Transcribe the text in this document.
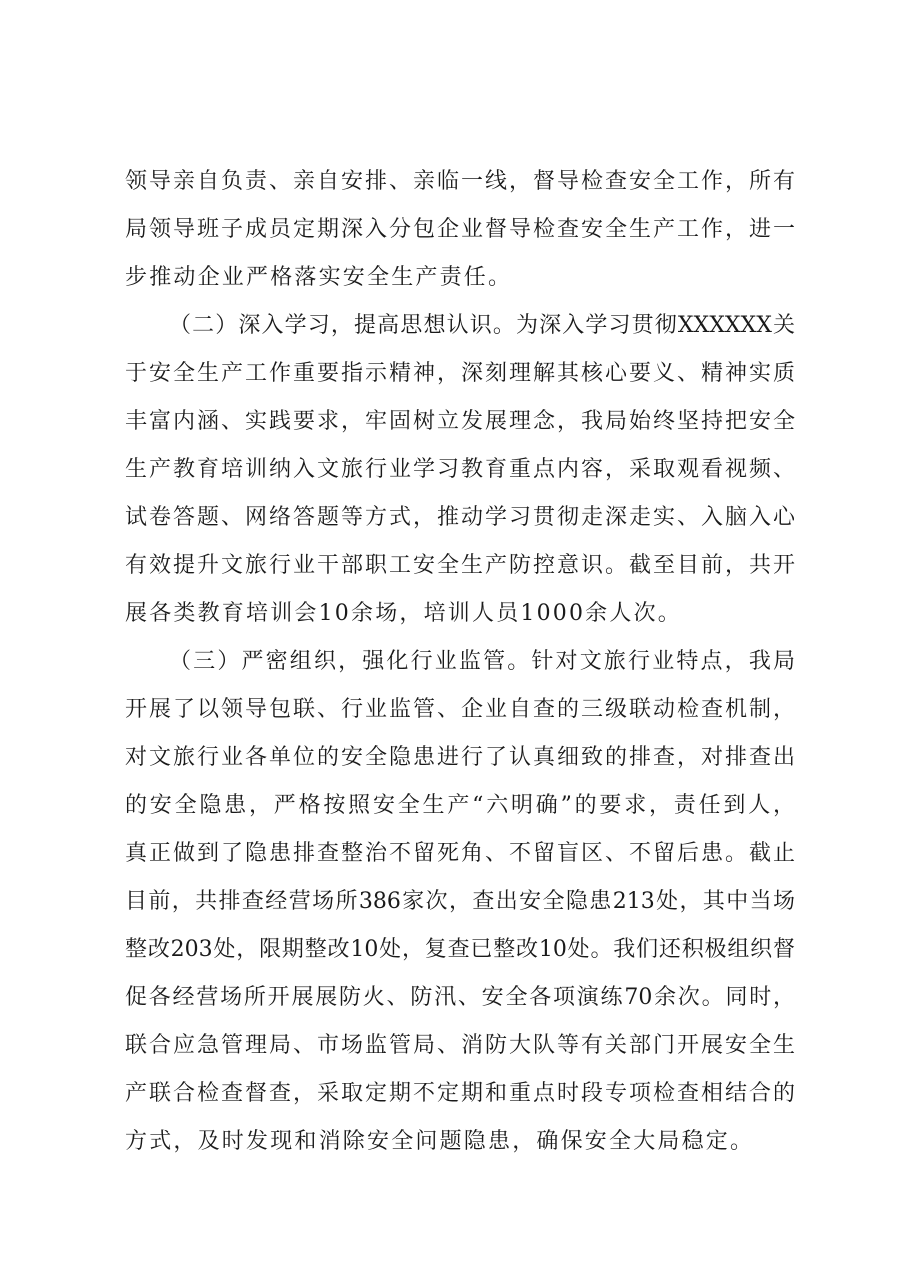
领导亲自负责、亲自安排、亲临一线，督导检查安全工作，所有
局领导班子成员定期深入分包企业督导检查安全生产工作，进一
步推动企业严格落实安全生产责任。
（二）深入学习，提高思想认识。为深入学习贯彻XXXXXX关
于安全生产工作重要指示精神，深刻理解其核心要义、精神实质
丰富内涵、实践要求，牢固树立发展理念，我局始终坚持把安全
生产教育培训纳入文旅行业学习教育重点内容，采取观看视频、
试卷答题、网络答题等方式，推动学习贯彻走深走实、入脑入心
有效提升文旅行业干部职工安全生产防控意识。截至目前，共开
展各类教育培训会10余场，培训人员1000余人次。
（三）严密组织，强化行业监管。针对文旅行业特点，我局
开展了以领导包联、行业监管、企业自查的三级联动检查机制，
对文旅行业各单位的安全隐患进行了认真细致的排查，对排查出
的安全隐患，严格按照安全生产“六明确”的要求，责任到人，
真正做到了隐患排查整治不留死角、不留盲区、不留后患。截止
目前，共排查经营场所386家次，查出安全隐患213处，其中当场
整改203处，限期整改10处，复查已整改10处。我们还积极组织督
促各经营场所开展展防火、防汛、安全各项演练70余次。同时，
联合应急管理局、市场监管局、消防大队等有关部门开展安全生
产联合检查督查，采取定期不定期和重点时段专项检查相结合的
方式，及时发现和消除安全问题隐患，确保安全大局稳定。
